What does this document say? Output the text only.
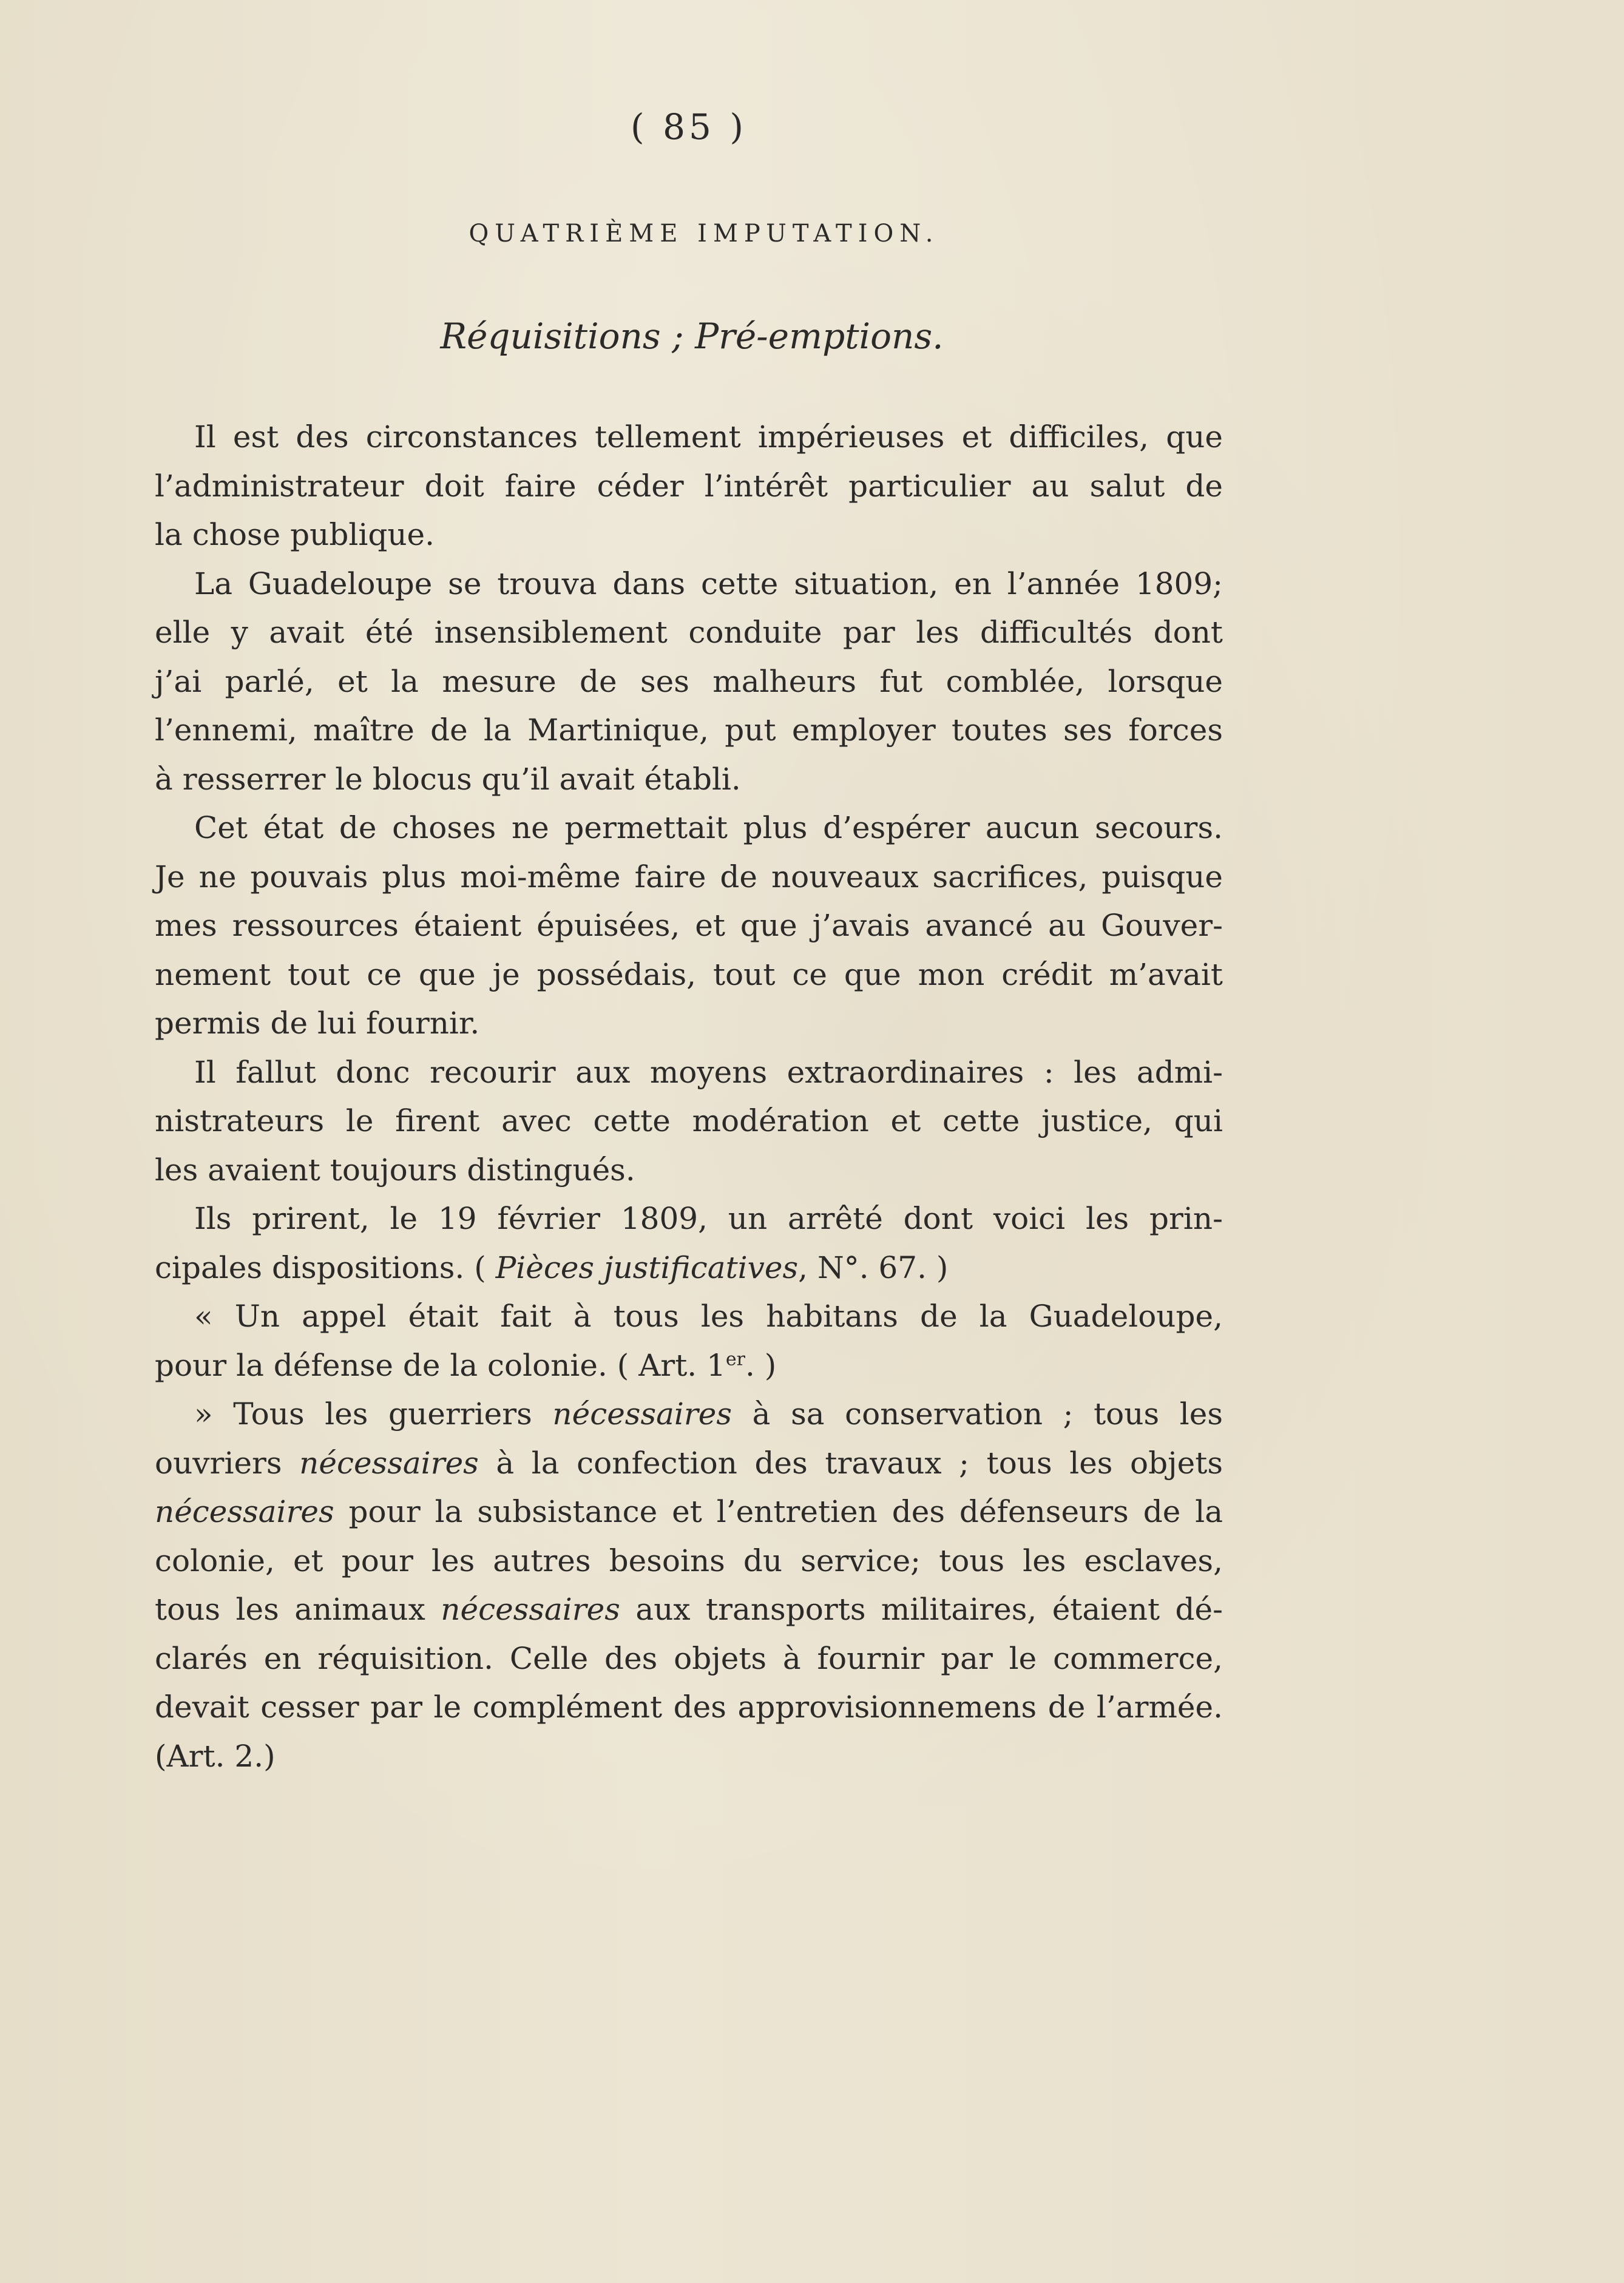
( 85 )
QUATRIÈME IMPUTATION.
Réquisitions ; Pré-emptions.
Il est des circonstances tellement impérieuses et difficiles, que
l’administrateur doit faire céder l’intérêt particulier au salut de
la chose publique.
La Guadeloupe se trouva dans cette situation, en l’année 1809;
elle y avait été insensiblement conduite par les difficultés dont
j’ai parlé, et la mesure de ses malheurs fut comblée, lorsque
l’ennemi, maître de la Martinique, put employer toutes ses forces
à resserrer le blocus qu’il avait établi.
Cet état de choses ne permettait plus d’espérer aucun secours.
Je ne pouvais plus moi-même faire de nouveaux sacrifices, puisque
mes ressources étaient épuisées, et que j’avais avancé au Gouver-
nement tout ce que je possédais, tout ce que mon crédit m’avait
permis de lui fournir.
Il fallut donc recourir aux moyens extraordinaires : les admi-
nistrateurs le firent avec cette modération et cette justice, qui
les avaient toujours distingués.
Ils prirent, le 19 février 1809, un arrêté dont voici les prin-
cipales dispositions. ( Pièces justificatives, N°. 67. )
« Un appel était fait à tous les habitans de la Guadeloupe,
pour la défense de la colonie. ( Art. 1er. )
» Tous les guerriers nécessaires à sa conservation ; tous les
ouvriers nécessaires à la confection des travaux ; tous les objets
nécessaires pour la subsistance et l’entretien des défenseurs de la
colonie, et pour les autres besoins du service; tous les esclaves,
tous les animaux nécessaires aux transports militaires, étaient dé-
clarés en réquisition. Celle des objets à fournir par le commerce,
devait cesser par le complément des approvisionnemens de l’armée.
(Art. 2.)
